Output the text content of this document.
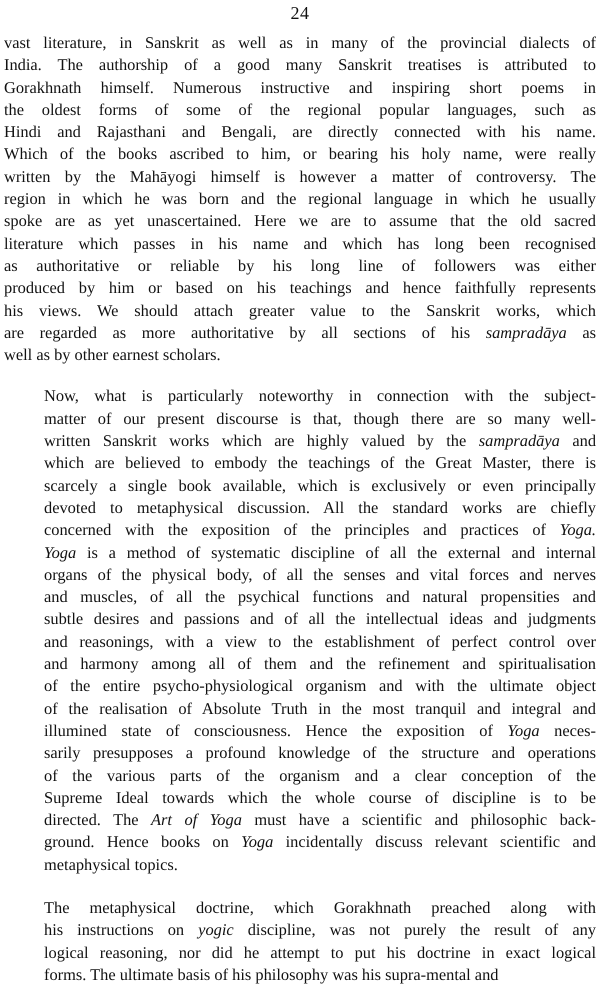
24
vast literature, in Sanskrit as well as in many of the provincial dialects of
India. The authorship of a good many Sanskrit treatises is attributed to
Gorakhnath himself. Numerous instructive and inspiring short poems in
the oldest forms of some of the regional popular languages, such as
Hindi and Rajasthani and Bengali, are directly connected with his name.
Which of the books ascribed to him, or bearing his holy name, were really
written by the Mahāyogi himself is however a matter of controversy. The
region in which he was born and the regional language in which he usually
spoke are as yet unascertained. Here we are to assume that the old sacred
literature which passes in his name and which has long been recognised
as authoritative or reliable by his long line of followers was either
produced by him or based on his teachings and hence faithfully represents
his views. We should attach greater value to the Sanskrit works, which
are regarded as more authoritative by all sections of his sampradāya as
well as by other earnest scholars.
Now, what is particularly noteworthy in connection with the subject-
matter of our present discourse is that, though there are so many well-
written Sanskrit works which are highly valued by the sampradāya and
which are believed to embody the teachings of the Great Master, there is
scarcely a single book available, which is exclusively or even principally
devoted to metaphysical discussion. All the standard works are chiefly
concerned with the exposition of the principles and practices of Yoga.
Yoga is a method of systematic discipline of all the external and internal
organs of the physical body, of all the senses and vital forces and nerves
and muscles, of all the psychical functions and natural propensities and
subtle desires and passions and of all the intellectual ideas and judgments
and reasonings, with a view to the establishment of perfect control over
and harmony among all of them and the refinement and spiritualisation
of the entire psycho-physiological organism and with the ultimate object
of the realisation of Absolute Truth in the most tranquil and integral and
illumined state of consciousness. Hence the exposition of Yoga neces-
sarily presupposes a profound knowledge of the structure and operations
of the various parts of the organism and a clear conception of the
Supreme Ideal towards which the whole course of discipline is to be
directed. The Art of Yoga must have a scientific and philosophic back-
ground. Hence books on Yoga incidentally discuss relevant scientific and
metaphysical topics.
The metaphysical doctrine, which Gorakhnath preached along with
his instructions on yogic discipline, was not purely the result of any
logical reasoning, nor did he attempt to put his doctrine in exact logical
forms. The ultimate basis of his philosophy was his supra-mental and
